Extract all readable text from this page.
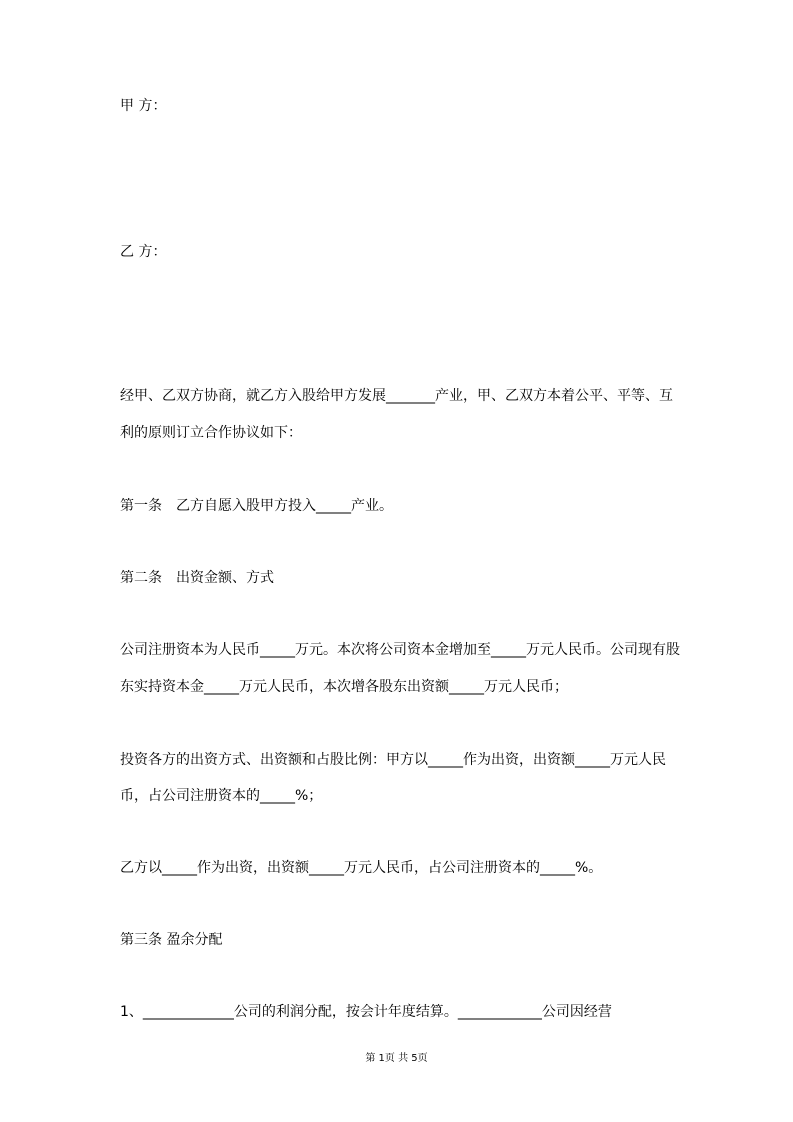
甲 方：
乙 方：
经甲、乙双方协商，就乙方入股给甲方发展_______产业，甲、乙双方本着公平、平等、互
利的原则订立合作协议如下：
第一条　乙方自愿入股甲方投入_____产业。
第二条　出资金额、方式
公司注册资本为人民币_____万元。本次将公司资本金增加至_____万元人民币。公司现有股
东实持资本金_____万元人民币，本次增各股东出资额_____万元人民币；
投资各方的出资方式、出资额和占股比例：甲方以_____作为出资，出资额_____万元人民
币，占公司注册资本的_____%；
乙方以_____作为出资，出资额_____万元人民币，占公司注册资本的_____%。
第三条 盈余分配
1、_____________公司的利润分配，按会计年度结算。____________公司因经营
第 1页 共 5页
